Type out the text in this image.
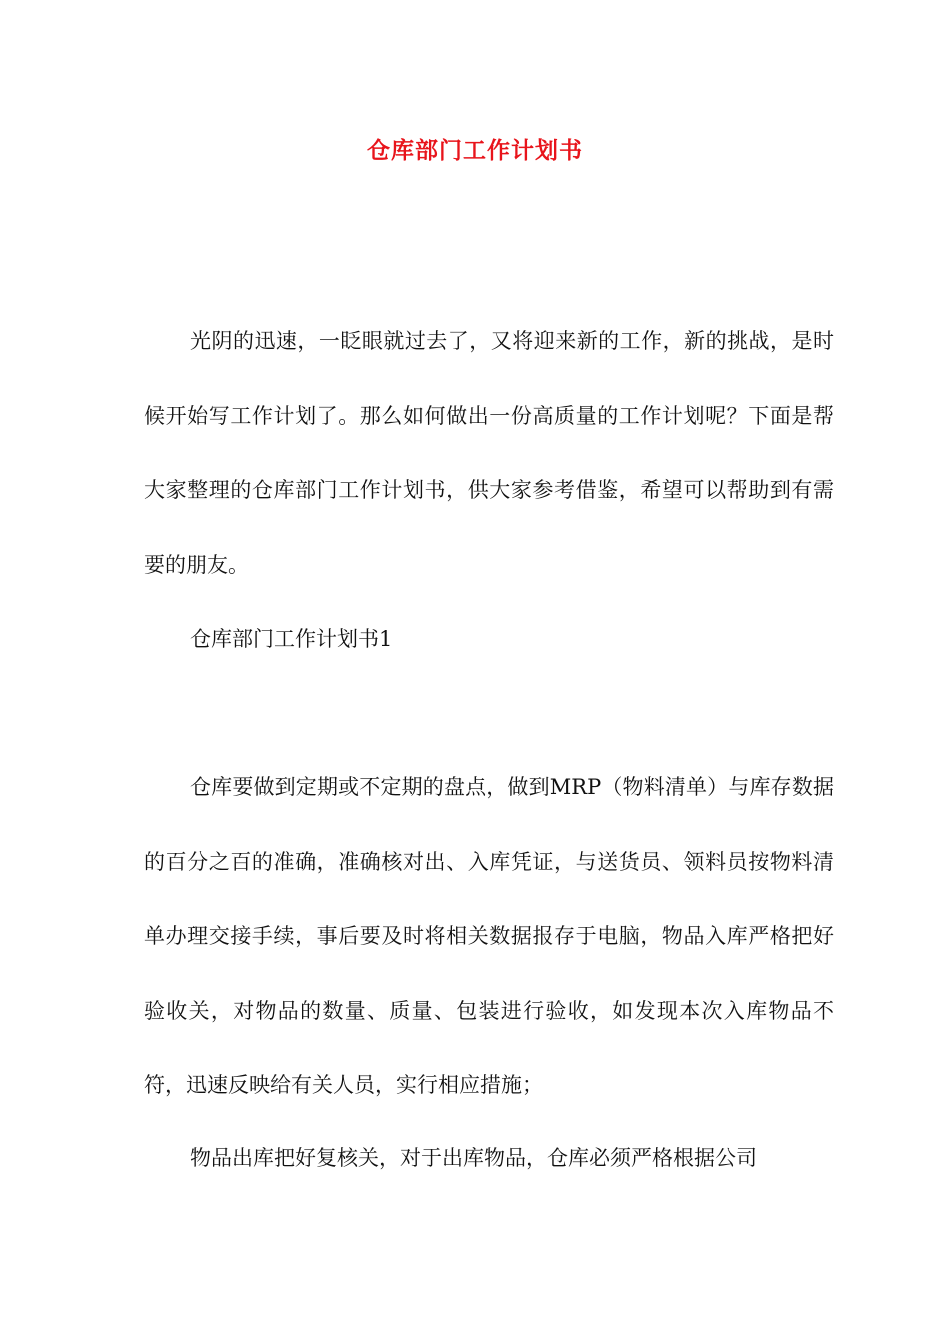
仓库部门工作计划书

光阴的迅速，一眨眼就过去了，又将迎来新的工作，新的挑战，是时候开始写工作计划了。那么如何做出一份高质量的工作计划呢？下面是帮大家整理的仓库部门工作计划书，供大家参考借鉴，希望可以帮助到有需要的朋友。

仓库部门工作计划书1

仓库要做到定期或不定期的盘点，做到MRP（物料清单）与库存数据的百分之百的准确，准确核对出、入库凭证，与送货员、领料员按物料清单办理交接手续，事后要及时将相关数据报存于电脑，物品入库严格把好验收关，对物品的数量、质量、包装进行验收，如发现本次入库物品不符，迅速反映给有关人员，实行相应措施；

物品出库把好复核关，对于出库物品，仓库必须严格根据公司
